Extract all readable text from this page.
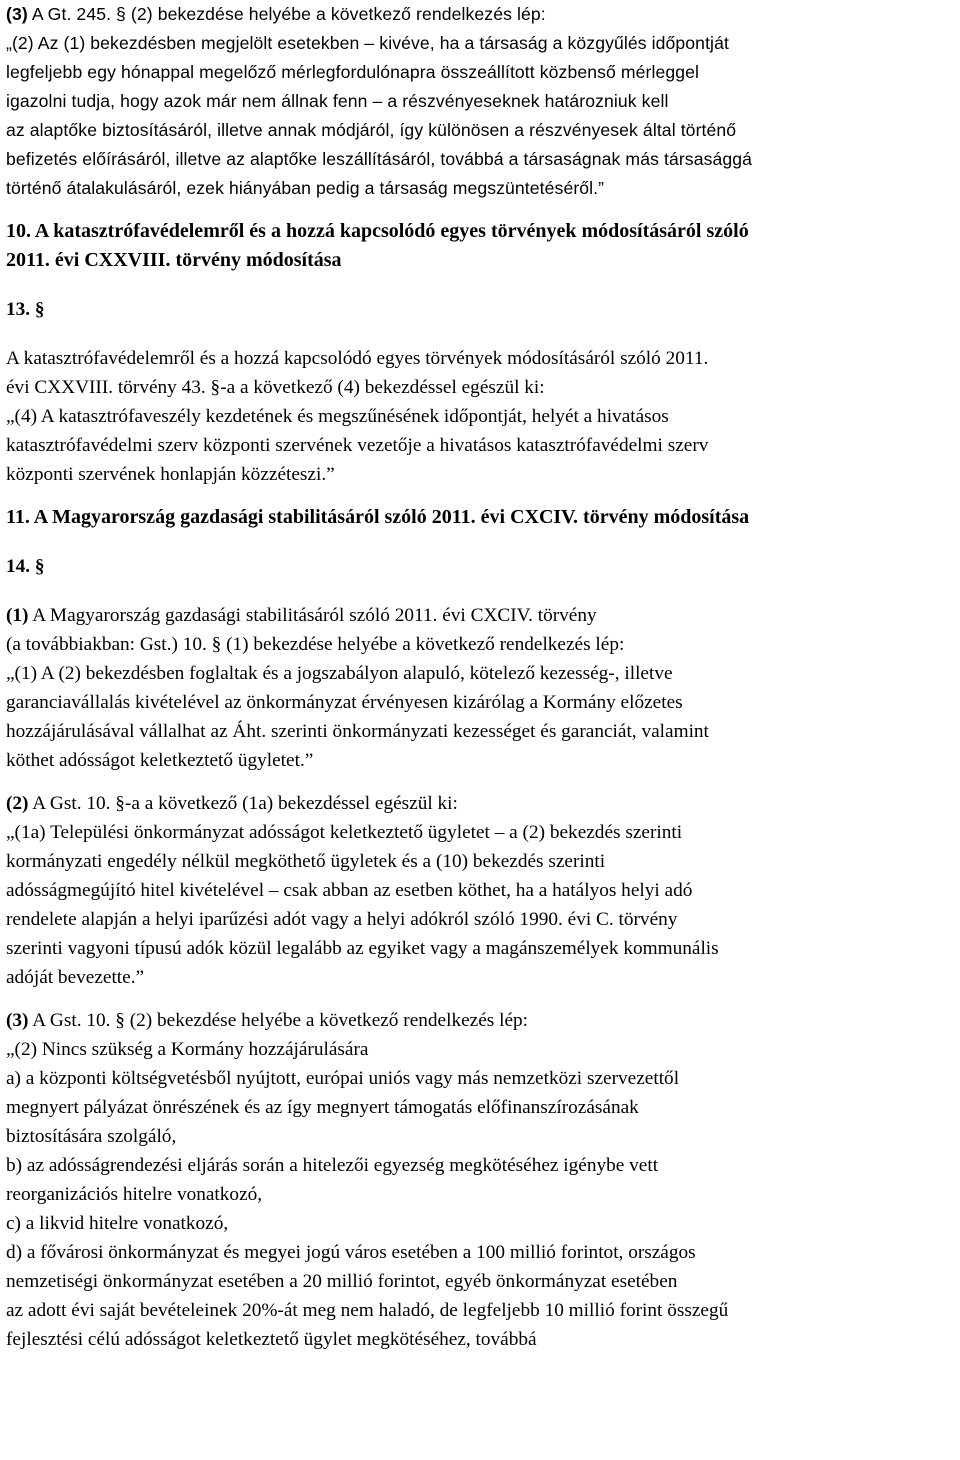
(3) A Gt. 245. § (2) bekezdése helyébe a következő rendelkezés lép:
„(2) Az (1) bekezdésben megjelölt esetekben – kivéve, ha a társaság a közgyűlés időpontját
legfeljebb egy hónappal megelőző mérlegfordulónapra összeállított közbenső mérleggel
igazolni tudja, hogy azok már nem állnak fenn – a részvényeseknek határozniuk kell
az alaptőke biztosításáról, illetve annak módjáról, így különösen a részvényesek által történő
befizetés előírásáról, illetve az alaptőke leszállításáról, továbbá a társaságnak más társasággá
történő átalakulásáról, ezek hiányában pedig a társaság megszüntetéséről.”
10. A katasztrófavédelemről és a hozzá kapcsolódó egyes törvények módosításáról szóló
2011. évi CXXVIII. törvény módosítása
13. §
A katasztrófavédelemről és a hozzá kapcsolódó egyes törvények módosításáról szóló 2011.
évi CXXVIII. törvény 43. §-a a következő (4) bekezdéssel egészül ki:
„(4) A katasztrófaveszély kezdetének és megszűnésének időpontját, helyét a hivatásos
katasztrófavédelmi szerv központi szervének vezetője a hivatásos katasztrófavédelmi szerv
központi szervének honlapján közzéteszi.”
11. A Magyarország gazdasági stabilitásáról szóló 2011. évi CXCIV. törvény módosítása
14. §
(1) A Magyarország gazdasági stabilitásáról szóló 2011. évi CXCIV. törvény
(a továbbiakban: Gst.) 10. § (1) bekezdése helyébe a következő rendelkezés lép:
„(1) A (2) bekezdésben foglaltak és a jogszabályon alapuló, kötelező kezesség-, illetve
garanciavállalás kivételével az önkormányzat érvényesen kizárólag a Kormány előzetes
hozzájárulásával vállalhat az Áht. szerinti önkormányzati kezességet és garanciát, valamint
köthet adósságot keletkeztető ügyletet.”
(2) A Gst. 10. §-a a következő (1a) bekezdéssel egészül ki:
„(1a) Települési önkormányzat adósságot keletkeztető ügyletet – a (2) bekezdés szerinti
kormányzati engedély nélkül megköthető ügyletek és a (10) bekezdés szerinti
adósságmegújító hitel kivételével – csak abban az esetben köthet, ha a hatályos helyi adó
rendelete alapján a helyi iparűzési adót vagy a helyi adókról szóló 1990. évi C. törvény
szerinti vagyoni típusú adók közül legalább az egyiket vagy a magánszemélyek kommunális
adóját bevezette.”
(3) A Gst. 10. § (2) bekezdése helyébe a következő rendelkezés lép:
„(2) Nincs szükség a Kormány hozzájárulására
a) a központi költségvetésből nyújtott, európai uniós vagy más nemzetközi szervezettől
megnyert pályázat önrészének és az így megnyert támogatás előfinanszírozásának
biztosítására szolgáló,
b) az adósságrendezési eljárás során a hitelezői egyezség megkötéséhez igénybe vett
reorganizációs hitelre vonatkozó,
c) a likvid hitelre vonatkozó,
d) a fővárosi önkormányzat és megyei jogú város esetében a 100 millió forintot, országos
nemzetiségi önkormányzat esetében a 20 millió forintot, egyéb önkormányzat esetében
az adott évi saját bevételeinek 20%-át meg nem haladó, de legfeljebb 10 millió forint összegű
fejlesztési célú adósságot keletkeztető ügylet megkötéséhez, továbbá
